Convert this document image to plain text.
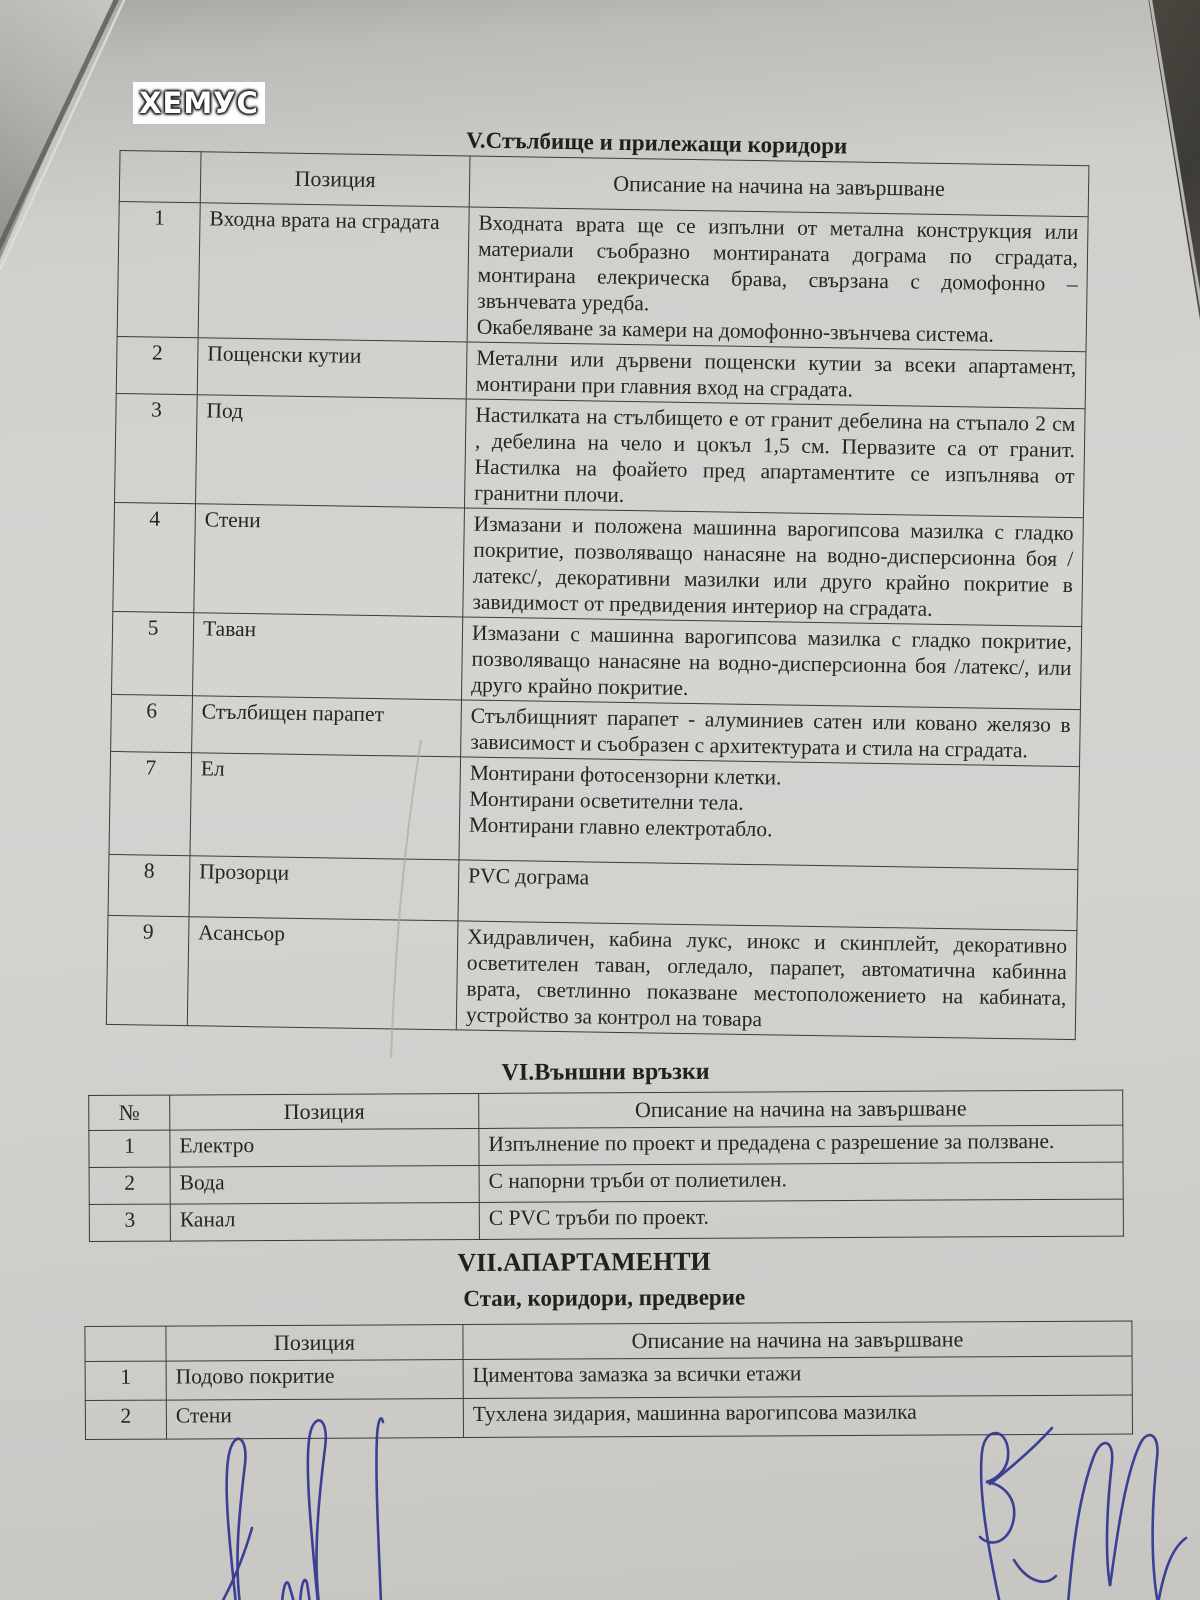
ХЕМУС
V.Стълбище и прилежащи коридори
	Позиция	Описание на начина на завършване
1	Входна врата на сградата	Входната врата ще се изпълни от метална конструкция или материали съобразно монтираната дограма по сградата, монтирана елекрическа брава, свързана с домофонно – звънчевата уредба.
Окабеляване за камери на домофонно-звънчева система.

2	Пощенски кутии	Метални или дървени пощенски кутии за всеки апартамент, монтирани при главния вход на сградата.

3	Под	Настилката на стълбището е от гранит дебелина на стъпало 2 см , дебелина на чело и цокъл 1,5 см. Первазите са от гранит. Настилка на фоайето пред апартаментите се изпълнява от гранитни плочи.

4	Стени	Измазани и положена машинна варогипсова мазилка с гладко покритие, позволяващо нанасяне на водно-дисперсионна боя /латекс/, декоративни мазилки или друго крайно покритие в завидимост от предвидения интериор на сградата.

5	Таван	Измазани с машинна варогипсова мазилка с гладко покритие, позволяващо нанасяне на водно-дисперсионна боя /латекс/, или друго крайно покритие.

6	Стълбищен парапет	Стълбищният парапет - алуминиев сатен или ковано желязо в зависимост и съобразен с архитектурата и стила на сградата.

7	Ел	Монтирани фотосензорни клетки.
Монтирани осветителни тела.
Монтирани главно електротабло.

8	Прозорци	PVC дограма

9	Асансьор	Хидравличен, кабина лукс, инокс и скинплейт, декоративно осветителен таван, огледало, парапет, автоматична кабинна врата, светлинно показване местоположението на кабината, устройство за контрол на товара
VI.Външни връзки
№	Позиция	Описание на начина на завършване
1	Електро	Изпълнение по проект и предадена с разрешение за ползване.

2	Вода	С напорни тръби от полиетилен.

3	Канал	С PVC тръби по проект.
VII.АПАРТАМЕНТИ
Стаи, коридори, предверие
	Позиция	Описание на начина на завършване
1	Подово покритие	Циментова замазка за всички етажи

2	Стени	Тухлена зидария, машинна варогипсова мазилка
